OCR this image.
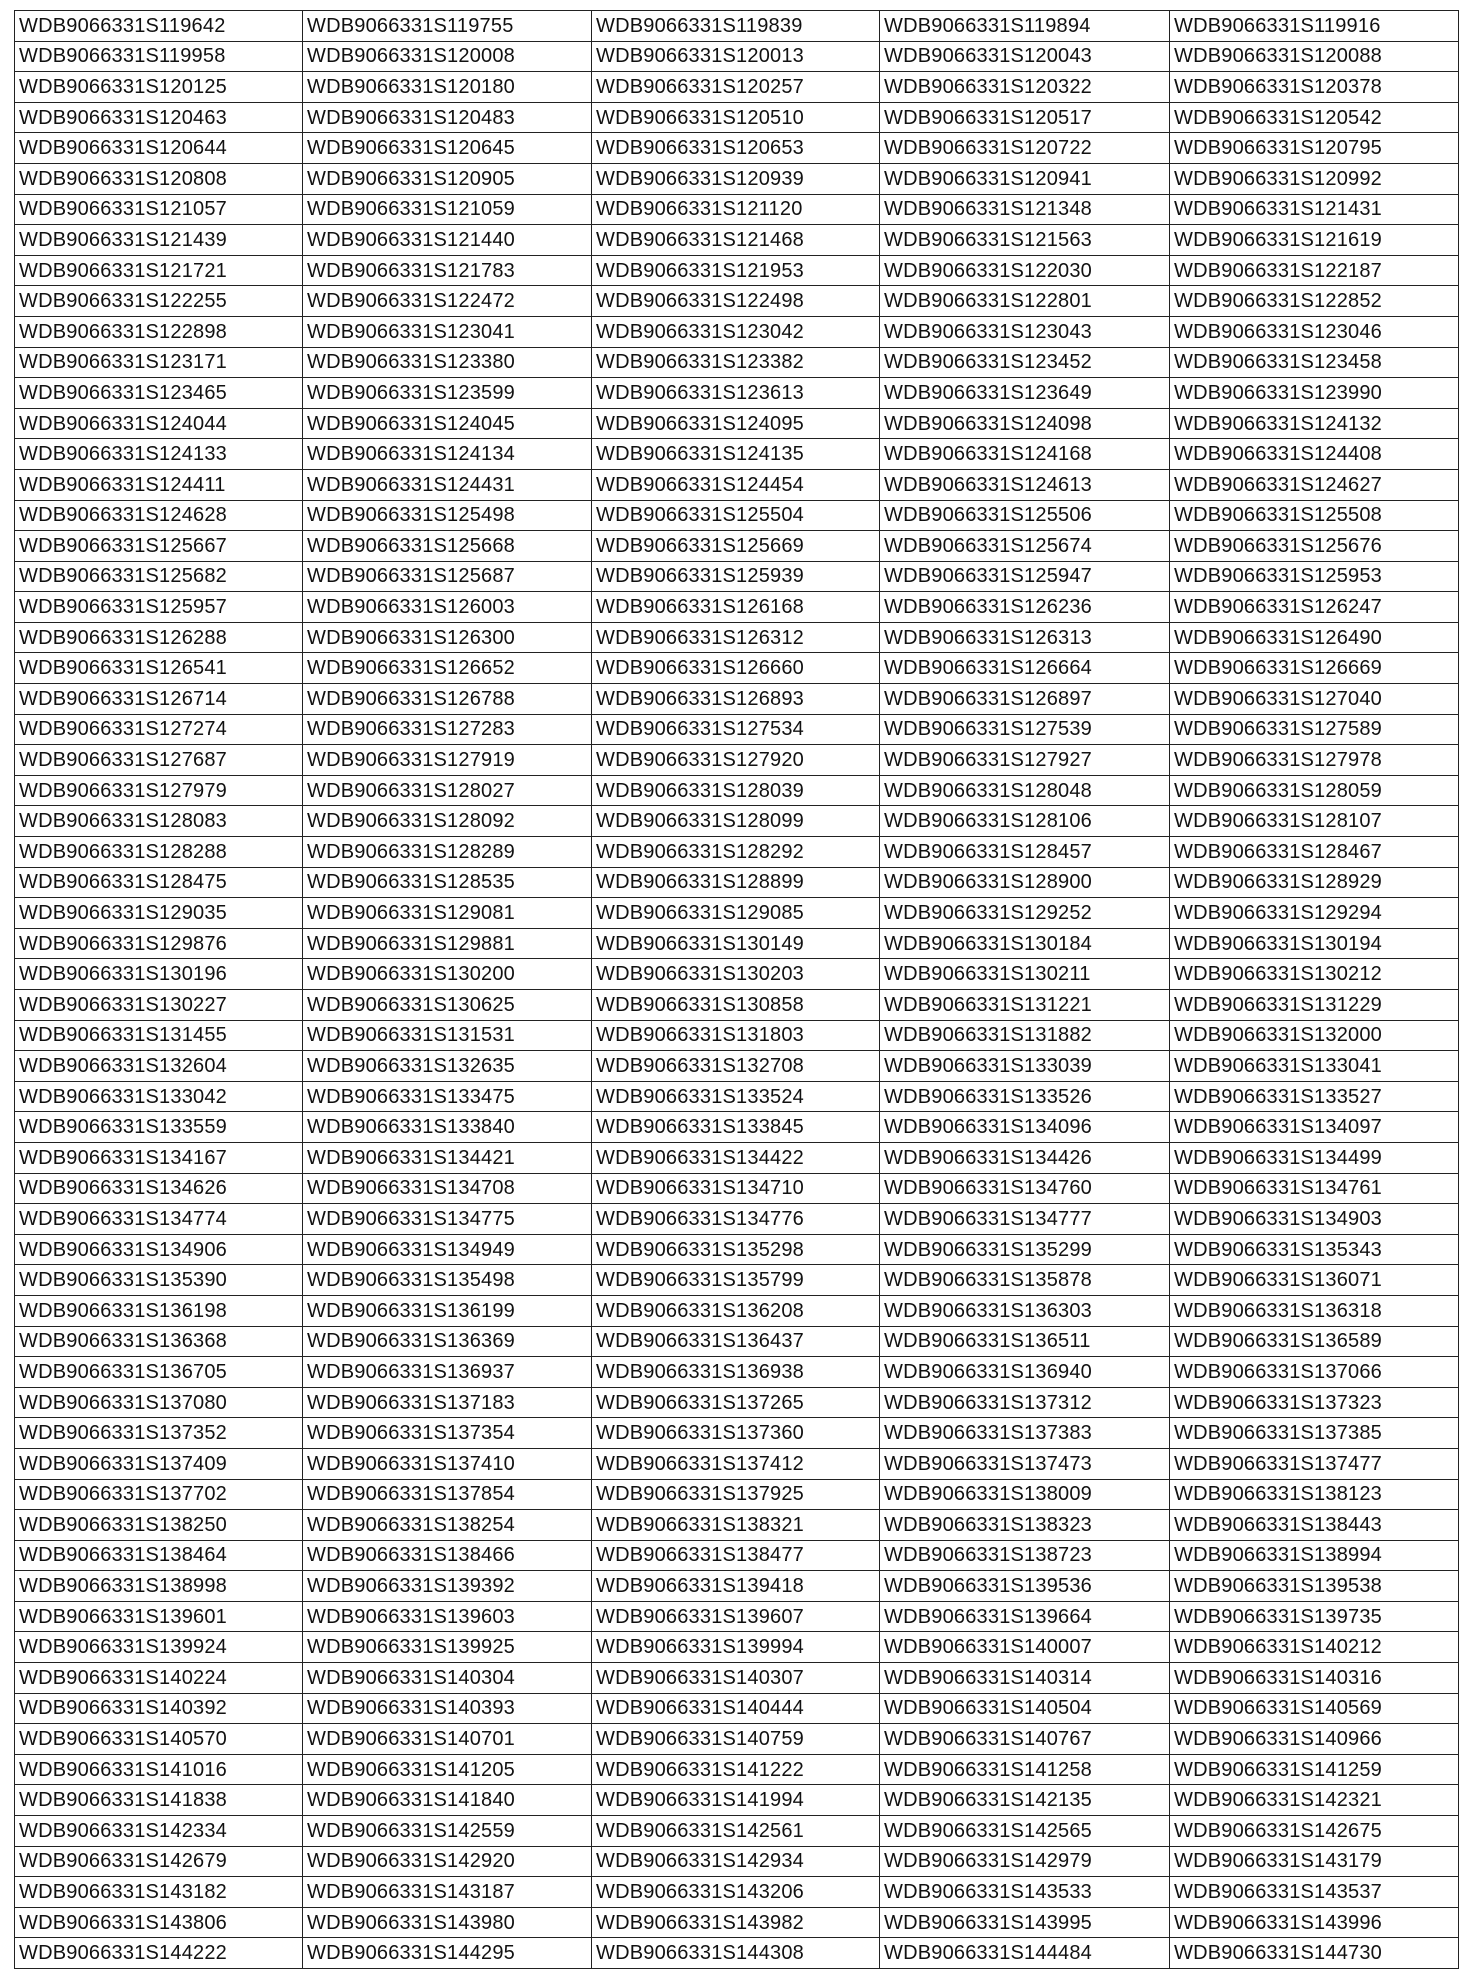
WDB9066331S119642	WDB9066331S119755	WDB9066331S119839	WDB9066331S119894	WDB9066331S119916
WDB9066331S119958	WDB9066331S120008	WDB9066331S120013	WDB9066331S120043	WDB9066331S120088
WDB9066331S120125	WDB9066331S120180	WDB9066331S120257	WDB9066331S120322	WDB9066331S120378
WDB9066331S120463	WDB9066331S120483	WDB9066331S120510	WDB9066331S120517	WDB9066331S120542
WDB9066331S120644	WDB9066331S120645	WDB9066331S120653	WDB9066331S120722	WDB9066331S120795
WDB9066331S120808	WDB9066331S120905	WDB9066331S120939	WDB9066331S120941	WDB9066331S120992
WDB9066331S121057	WDB9066331S121059	WDB9066331S121120	WDB9066331S121348	WDB9066331S121431
WDB9066331S121439	WDB9066331S121440	WDB9066331S121468	WDB9066331S121563	WDB9066331S121619
WDB9066331S121721	WDB9066331S121783	WDB9066331S121953	WDB9066331S122030	WDB9066331S122187
WDB9066331S122255	WDB9066331S122472	WDB9066331S122498	WDB9066331S122801	WDB9066331S122852
WDB9066331S122898	WDB9066331S123041	WDB9066331S123042	WDB9066331S123043	WDB9066331S123046
WDB9066331S123171	WDB9066331S123380	WDB9066331S123382	WDB9066331S123452	WDB9066331S123458
WDB9066331S123465	WDB9066331S123599	WDB9066331S123613	WDB9066331S123649	WDB9066331S123990
WDB9066331S124044	WDB9066331S124045	WDB9066331S124095	WDB9066331S124098	WDB9066331S124132
WDB9066331S124133	WDB9066331S124134	WDB9066331S124135	WDB9066331S124168	WDB9066331S124408
WDB9066331S124411	WDB9066331S124431	WDB9066331S124454	WDB9066331S124613	WDB9066331S124627
WDB9066331S124628	WDB9066331S125498	WDB9066331S125504	WDB9066331S125506	WDB9066331S125508
WDB9066331S125667	WDB9066331S125668	WDB9066331S125669	WDB9066331S125674	WDB9066331S125676
WDB9066331S125682	WDB9066331S125687	WDB9066331S125939	WDB9066331S125947	WDB9066331S125953
WDB9066331S125957	WDB9066331S126003	WDB9066331S126168	WDB9066331S126236	WDB9066331S126247
WDB9066331S126288	WDB9066331S126300	WDB9066331S126312	WDB9066331S126313	WDB9066331S126490
WDB9066331S126541	WDB9066331S126652	WDB9066331S126660	WDB9066331S126664	WDB9066331S126669
WDB9066331S126714	WDB9066331S126788	WDB9066331S126893	WDB9066331S126897	WDB9066331S127040
WDB9066331S127274	WDB9066331S127283	WDB9066331S127534	WDB9066331S127539	WDB9066331S127589
WDB9066331S127687	WDB9066331S127919	WDB9066331S127920	WDB9066331S127927	WDB9066331S127978
WDB9066331S127979	WDB9066331S128027	WDB9066331S128039	WDB9066331S128048	WDB9066331S128059
WDB9066331S128083	WDB9066331S128092	WDB9066331S128099	WDB9066331S128106	WDB9066331S128107
WDB9066331S128288	WDB9066331S128289	WDB9066331S128292	WDB9066331S128457	WDB9066331S128467
WDB9066331S128475	WDB9066331S128535	WDB9066331S128899	WDB9066331S128900	WDB9066331S128929
WDB9066331S129035	WDB9066331S129081	WDB9066331S129085	WDB9066331S129252	WDB9066331S129294
WDB9066331S129876	WDB9066331S129881	WDB9066331S130149	WDB9066331S130184	WDB9066331S130194
WDB9066331S130196	WDB9066331S130200	WDB9066331S130203	WDB9066331S130211	WDB9066331S130212
WDB9066331S130227	WDB9066331S130625	WDB9066331S130858	WDB9066331S131221	WDB9066331S131229
WDB9066331S131455	WDB9066331S131531	WDB9066331S131803	WDB9066331S131882	WDB9066331S132000
WDB9066331S132604	WDB9066331S132635	WDB9066331S132708	WDB9066331S133039	WDB9066331S133041
WDB9066331S133042	WDB9066331S133475	WDB9066331S133524	WDB9066331S133526	WDB9066331S133527
WDB9066331S133559	WDB9066331S133840	WDB9066331S133845	WDB9066331S134096	WDB9066331S134097
WDB9066331S134167	WDB9066331S134421	WDB9066331S134422	WDB9066331S134426	WDB9066331S134499
WDB9066331S134626	WDB9066331S134708	WDB9066331S134710	WDB9066331S134760	WDB9066331S134761
WDB9066331S134774	WDB9066331S134775	WDB9066331S134776	WDB9066331S134777	WDB9066331S134903
WDB9066331S134906	WDB9066331S134949	WDB9066331S135298	WDB9066331S135299	WDB9066331S135343
WDB9066331S135390	WDB9066331S135498	WDB9066331S135799	WDB9066331S135878	WDB9066331S136071
WDB9066331S136198	WDB9066331S136199	WDB9066331S136208	WDB9066331S136303	WDB9066331S136318
WDB9066331S136368	WDB9066331S136369	WDB9066331S136437	WDB9066331S136511	WDB9066331S136589
WDB9066331S136705	WDB9066331S136937	WDB9066331S136938	WDB9066331S136940	WDB9066331S137066
WDB9066331S137080	WDB9066331S137183	WDB9066331S137265	WDB9066331S137312	WDB9066331S137323
WDB9066331S137352	WDB9066331S137354	WDB9066331S137360	WDB9066331S137383	WDB9066331S137385
WDB9066331S137409	WDB9066331S137410	WDB9066331S137412	WDB9066331S137473	WDB9066331S137477
WDB9066331S137702	WDB9066331S137854	WDB9066331S137925	WDB9066331S138009	WDB9066331S138123
WDB9066331S138250	WDB9066331S138254	WDB9066331S138321	WDB9066331S138323	WDB9066331S138443
WDB9066331S138464	WDB9066331S138466	WDB9066331S138477	WDB9066331S138723	WDB9066331S138994
WDB9066331S138998	WDB9066331S139392	WDB9066331S139418	WDB9066331S139536	WDB9066331S139538
WDB9066331S139601	WDB9066331S139603	WDB9066331S139607	WDB9066331S139664	WDB9066331S139735
WDB9066331S139924	WDB9066331S139925	WDB9066331S139994	WDB9066331S140007	WDB9066331S140212
WDB9066331S140224	WDB9066331S140304	WDB9066331S140307	WDB9066331S140314	WDB9066331S140316
WDB9066331S140392	WDB9066331S140393	WDB9066331S140444	WDB9066331S140504	WDB9066331S140569
WDB9066331S140570	WDB9066331S140701	WDB9066331S140759	WDB9066331S140767	WDB9066331S140966
WDB9066331S141016	WDB9066331S141205	WDB9066331S141222	WDB9066331S141258	WDB9066331S141259
WDB9066331S141838	WDB9066331S141840	WDB9066331S141994	WDB9066331S142135	WDB9066331S142321
WDB9066331S142334	WDB9066331S142559	WDB9066331S142561	WDB9066331S142565	WDB9066331S142675
WDB9066331S142679	WDB9066331S142920	WDB9066331S142934	WDB9066331S142979	WDB9066331S143179
WDB9066331S143182	WDB9066331S143187	WDB9066331S143206	WDB9066331S143533	WDB9066331S143537
WDB9066331S143806	WDB9066331S143980	WDB9066331S143982	WDB9066331S143995	WDB9066331S143996
WDB9066331S144222	WDB9066331S144295	WDB9066331S144308	WDB9066331S144484	WDB9066331S144730
